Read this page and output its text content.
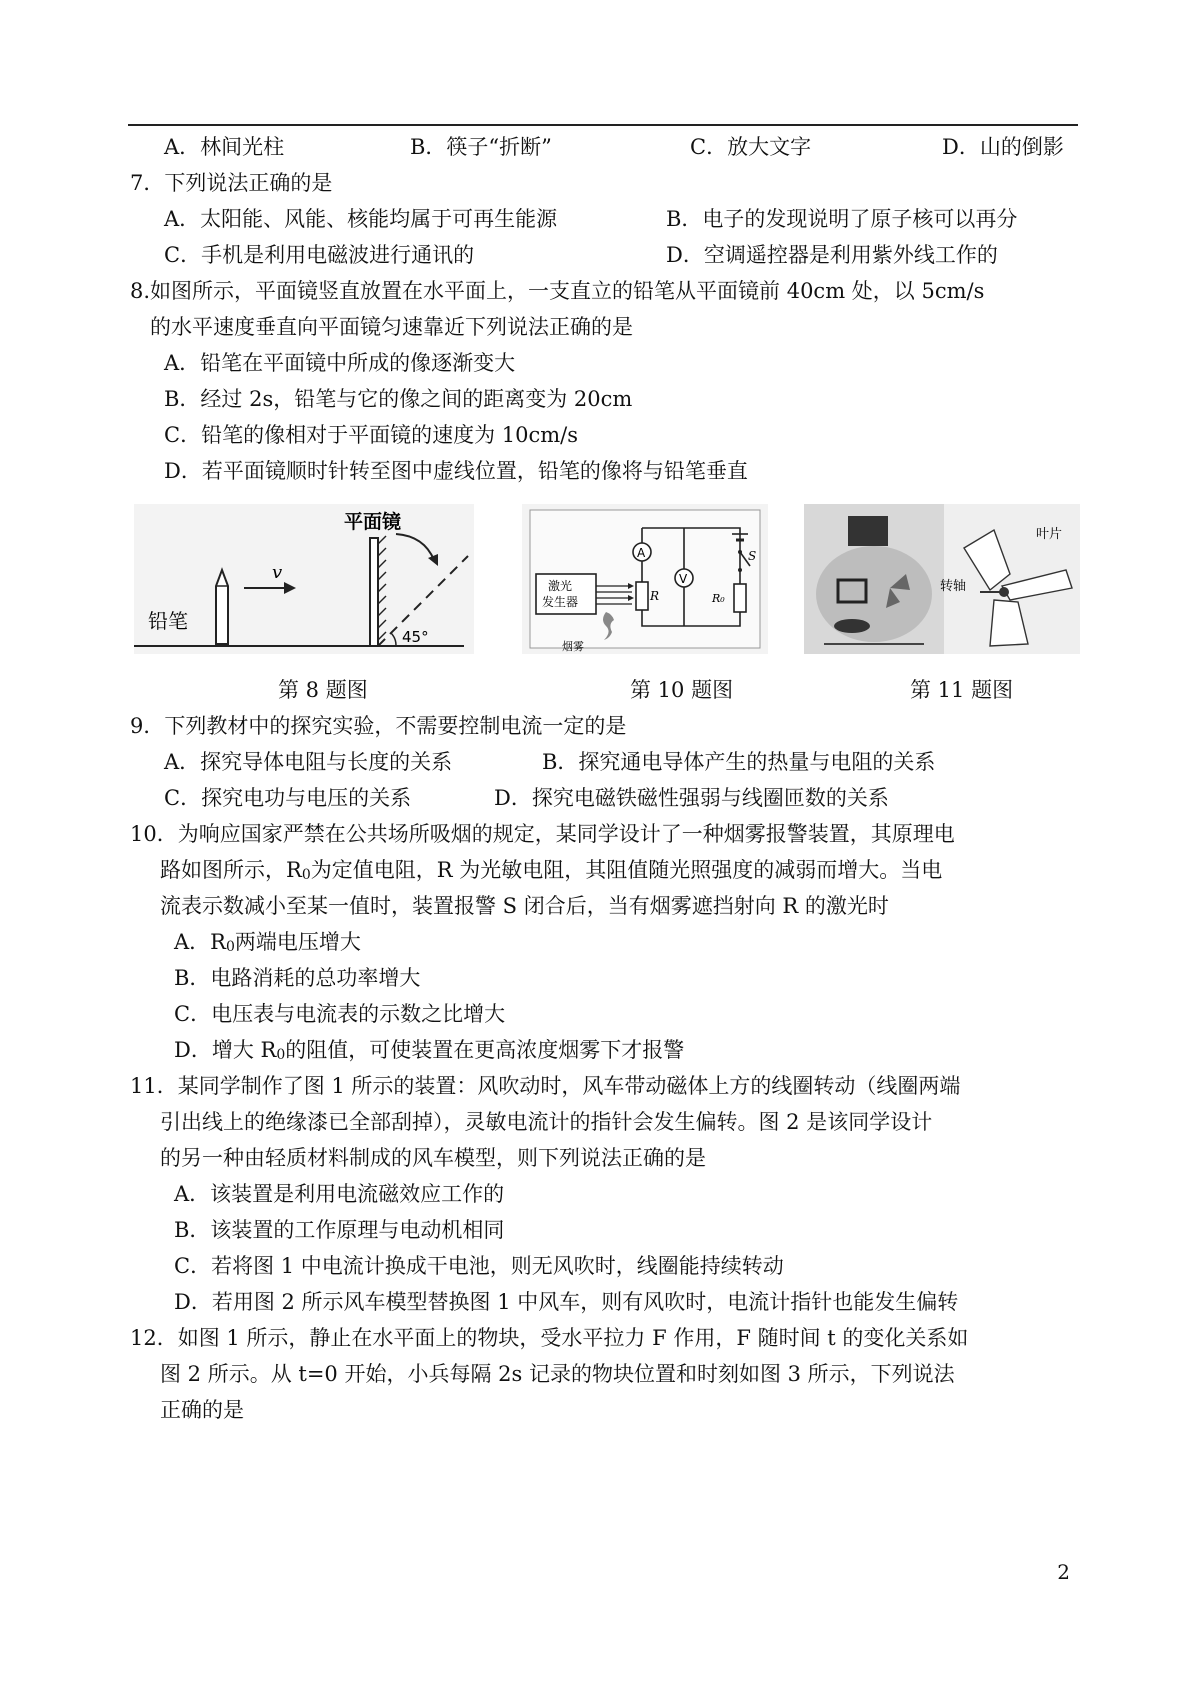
A．林间光柱	B．筷子“折断”	C．放大文字	D．山的倒影
7．下列说法正确的是
A．太阳能、风能、核能均属于可再生能源	B．电子的发现说明了原子核可以再分
C．手机是利用电磁波进行通讯的	D．空调遥控器是利用紫外线工作的
8.如图所示，平面镜竖直放置在水平面上，一支直立的铅笔从平面镜前 40cm 处，以 5cm/s
的水平速度垂直向平面镜匀速靠近下列说法正确的是
A．铅笔在平面镜中所成的像逐渐变大
B．经过 2s，铅笔与它的像之间的距离变为 20cm
C．铅笔的像相对于平面镜的速度为 10cm/s
D．若平面镜顺时针转至图中虚线位置，铅笔的像将与铅笔垂直
铅笔
v
平面镜
45°
第 8 题图
A
V
R
S
R₀
激光
发生器
烟雾
第 10 题图
叶片
转轴
第 11 题图
9．下列教材中的探究实验，不需要控制电流一定的是
A．探究导体电阻与长度的关系	B．探究通电导体产生的热量与电阻的关系
C．探究电功与电压的关系	D．探究电磁铁磁性强弱与线圈匝数的关系
10．为响应国家严禁在公共场所吸烟的规定，某同学设计了一种烟雾报警装置，其原理电
路如图所示，R0为定值电阻，R 为光敏电阻，其阻值随光照强度的减弱而增大。当电
流表示数减小至某一值时，装置报警 S 闭合后，当有烟雾遮挡射向 R 的激光时
A．R0两端电压增大
B．电路消耗的总功率增大
C．电压表与电流表的示数之比增大
D．增大 R0的阻值，可使装置在更高浓度烟雾下才报警
11．某同学制作了图 1 所示的装置：风吹动时，风车带动磁体上方的线圈转动（线圈两端
引出线上的绝缘漆已全部刮掉），灵敏电流计的指针会发生偏转。图 2 是该同学设计
的另一种由轻质材料制成的风车模型，则下列说法正确的是
A．该装置是利用电流磁效应工作的
B．该装置的工作原理与电动机相同
C．若将图 1 中电流计换成干电池，则无风吹时，线圈能持续转动
D．若用图 2 所示风车模型替换图 1 中风车，则有风吹时，电流计指针也能发生偏转
12．如图 1 所示，静止在水平面上的物块，受水平拉力 F 作用，F 随时间 t 的变化关系如
图 2 所示。从 t=0 开始，小兵每隔 2s 记录的物块位置和时刻如图 3 所示，下列说法
正确的是
2
